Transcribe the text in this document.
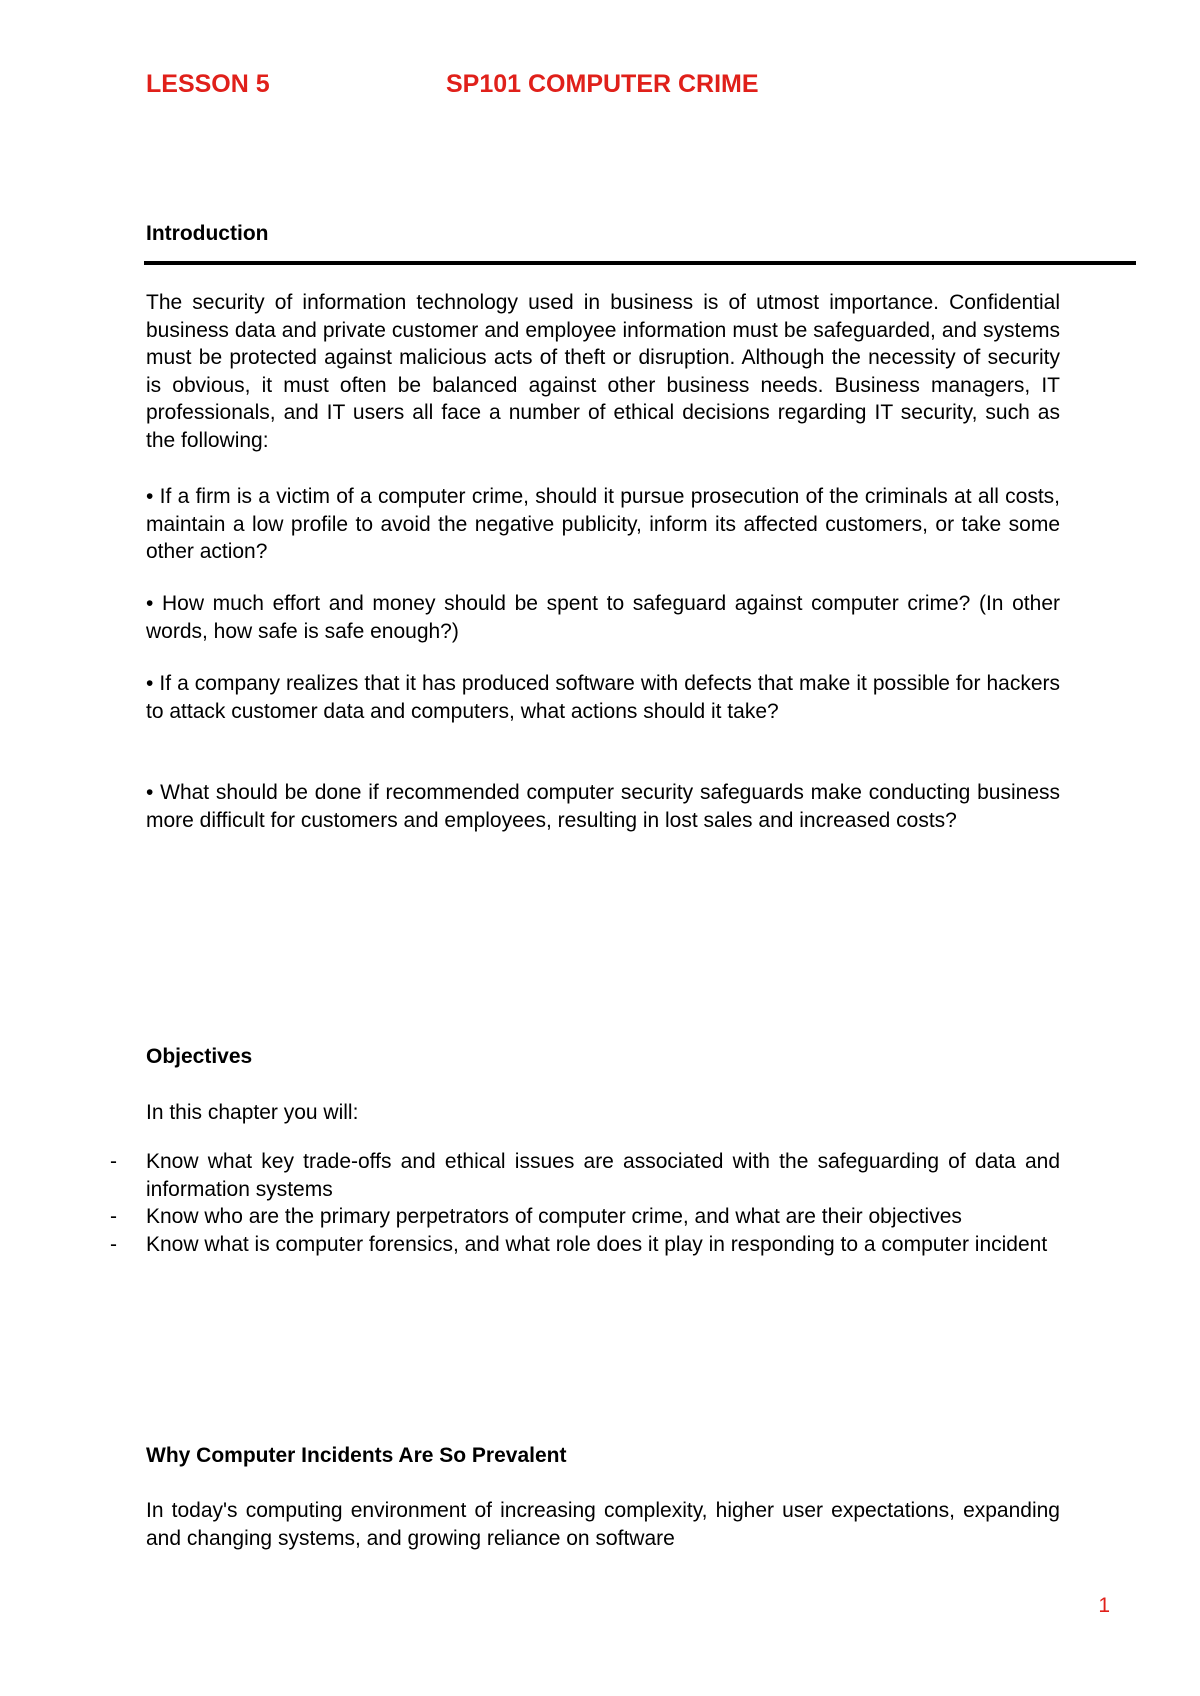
LESSON 5	SP101 COMPUTER CRIME
Introduction
The security of information technology used in business is of utmost importance. Confidential business data and private customer and employee information must be safeguarded, and systems must be protected against malicious acts of theft or disruption. Although the necessity of security is obvious, it must often be balanced against other business needs. Business managers, IT professionals, and IT users all face a number of ethical decisions regarding IT security, such as the following:
• If a firm is a victim of a computer crime, should it pursue prosecution of the criminals at all costs, maintain a low profile to avoid the negative publicity, inform its affected customers, or take some other action?
• How much effort and money should be spent to safeguard against computer crime? (In other words, how safe is safe enough?)
• If a company realizes that it has produced software with defects that make it possible for hackers to attack customer data and computers, what actions should it take?
• What should be done if recommended computer security safeguards make conducting business more difficult for customers and employees, resulting in lost sales and increased costs?
Objectives
In this chapter you will:
- Know what key trade-offs and ethical issues are associated with the safeguarding of data and information systems
- Know who are the primary perpetrators of computer crime, and what are their objectives
- Know what is computer forensics, and what role does it play in responding to a computer incident
Why Computer Incidents Are So Prevalent
In today's computing environment of increasing complexity, higher user expectations, expanding and changing systems, and growing reliance on software
1
